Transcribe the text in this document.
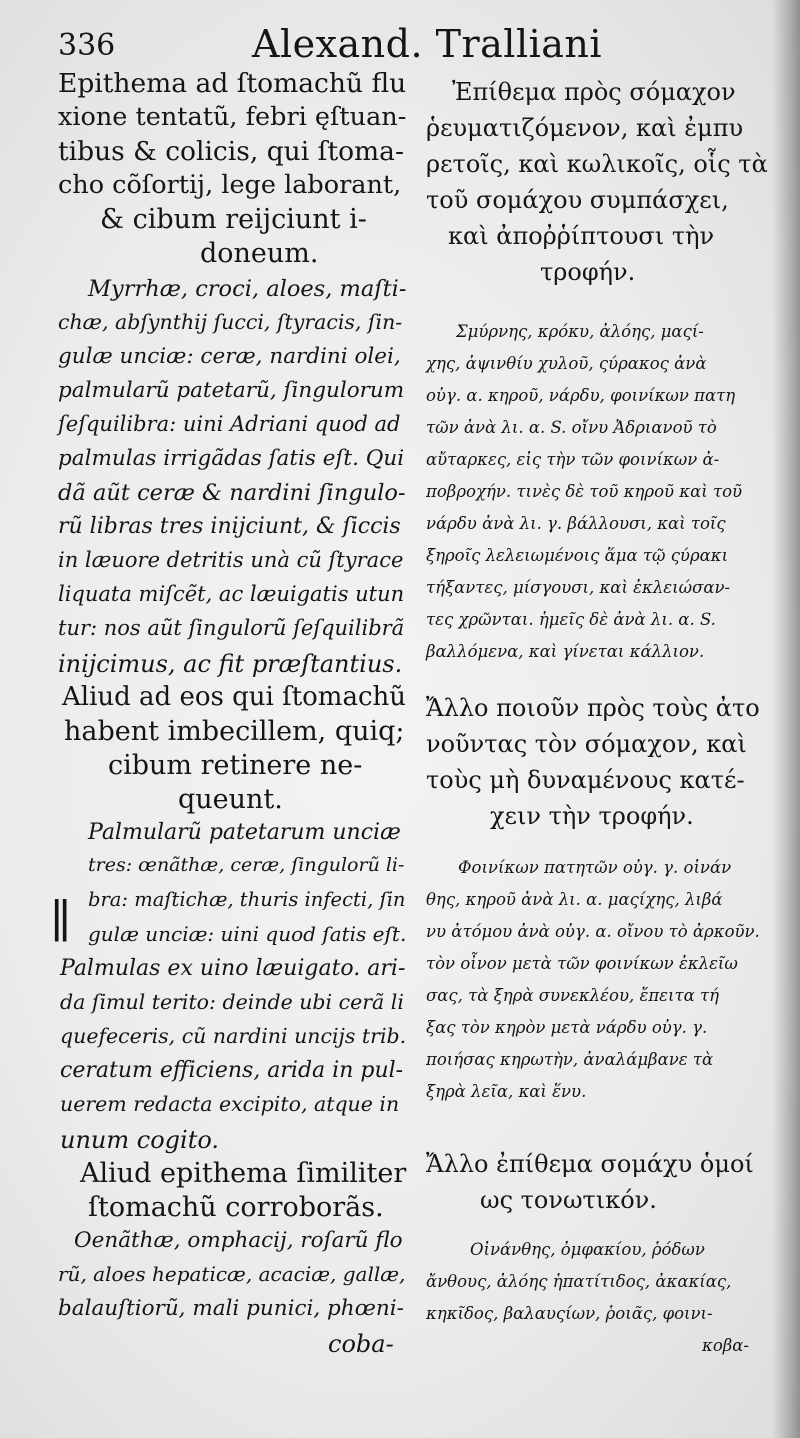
336	Alexand. Tralliani
∥
Epithema ad ſtomachũ flu
xione tentatũ, febri ęſtuan-
tibus & colicis, qui ſtoma-
cho cõſortij, lege laborant,
& cibum reijciunt i-
doneum.
Myrrhæ, croci, aloes, maſti-
chæ, abſynthij ſucci, ſtyracis, ſin-
gulæ unciæ: ceræ, nardini olei,
palmularũ patetarũ, ſingulorum
ſeſquilibra: uini Adriani quod ad
palmulas irrigãdas ſatis eſt. Qui
dã aũt ceræ & nardini ſingulo-
rũ libras tres inijciunt, & ſiccis
in læuore detritis unà cũ ſtyrace
liquata miſcẽt, ac læuigatis utun
tur: nos aũt ſingulorũ ſeſquilibrã
inijcimus, ac fit præſtantius.
Aliud ad eos qui ſtomachũ
habent imbecillem, quiq;
cibum retinere ne-
queunt.
Palmularũ patetarum unciæ
tres: œnãthæ, ceræ, ſingulorũ li-
bra: maſtichæ, thuris infecti, ſin
gulæ unciæ: uini quod ſatis eſt.
Palmulas ex uino læuigato. ari-
da ſimul terito: deinde ubi cerã li
quefeceris, cũ nardini uncijs trib.
ceratum efficiens, arida in pul-
uerem redacta excipito, atque in
unum cogito.
Aliud epithema ſimiliter
ſtomachũ corroborãs.
Oenãthæ, omphacij, roſarũ flo
rũ, aloes hepaticæ, acaciæ, gallæ,
balauſtiorũ, mali punici, phœni-
coba-
Ἐπίθεμα πρὸς σόμαχον
ῥευματιζόμενον, καὶ ἐμπυ
ρετοῖς, καὶ κωλικοῖς, οἷς τὰ
τοῦ σομάχου συμπάσχει,
καὶ ἀποῤῥίπτουσι τὴν
τροφήν.
Σμύρνης, κρόκυ, ἀλόης, μαςί-
χης, ἀψινθίυ χυλοῦ, ςύρακος ἀνὰ
οὐγ. α. κηροῦ, νάρδυ, φοινίκων πατη
τῶν ἀνὰ λι. α. S. οἴνυ Ἀδριανοῦ τὸ
αὔταρκες, εἰς τὴν τῶν φοινίκων ἀ-
ποβροχήν. τινὲς δὲ τοῦ κηροῦ καὶ τοῦ
νάρδυ ἀνὰ λι. γ. βάλλουσι, καὶ τοῖς
ξηροῖς λελειωμένοις ἅμα τῷ ςύρακι
τήξαντες, μίσγουσι, καὶ ἐκλειώσαν-
τες χρῶνται. ἡμεῖς δὲ ἀνὰ λι. α. S.
βαλλόμενα, καὶ γίνεται κάλλιον.
Ἄλλο ποιοῦν πρὸς τοὺς ἀτο
νοῦντας τὸν σόμαχον, καὶ
τοὺς μὴ δυναμένους κατέ-
χειν τὴν τροφήν.
Φοινίκων πατητῶν οὐγ. γ. οἰνάν
θης, κηροῦ ἀνὰ λι. α. μαςίχης, λιβά
νυ ἀτόμου ἀνὰ οὐγ. α. οἴνου τὸ ἀρκοῦν.
τὸν οἶνον μετὰ τῶν φοινίκων ἐκλεῖω
σας, τὰ ξηρὰ συνεκλέου, ἔπειτα τή
ξας τὸν κηρὸν μετὰ νάρδυ οὐγ. γ.
ποιήσας κηρωτὴν, ἀναλάμβανε τὰ
ξηρὰ λεῖα, καὶ ἕνυ.
Ἄλλο ἐπίθεμα σομάχυ ὁμοί
ως τονωτικόν.
Οἰνάνθης, ὀμφακίου, ῥόδων
ἄνθους, ἀλόης ἡπατίτιδος, ἀκακίας,
κηκῖδος, βαλαυςίων, ῥοιᾶς, φοινι-
κοβα-
